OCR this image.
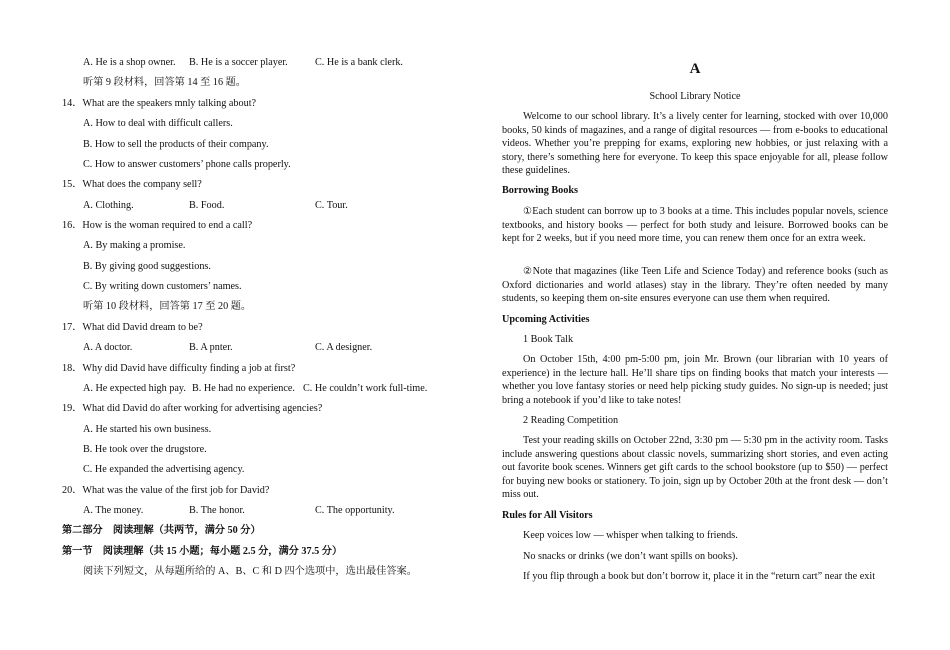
A. He is a shop owner. B. He is a soccer player.	C. He is a bank clerk.
听第 9 段材料，回答第 14 至 16 题。
14．What are the speakers mnly talking about?
A. How to deal with difficult callers.
B. How to sell the products of their company.
C. How to answer customers’ phone calls properly.
15．What does the company sell?
A. Clothing.	B. Food.	C. Tour.
16．How is the woman required to end a call?
A. By making a promise.
B. By giving good suggestions.
C. By writing down customers’ names.
听第 10 段材料，回答第 17 至 20 题。
17．What did David dream to be?
A. A doctor.	B. A pnter.	C. A designer.
18．Why did David have difficulty finding a job at first?
A. He expected high pay. B. He had no experience. C. He couldn’t work full-time.
19．What did David do after working for advertising agencies?
A. He started his own business.
B. He took over the drugstore.
C. He expanded the advertising agency.
20．What was the value of the first job for David?
A. The money.	B. The honor.	C. The opportunity.
第二部分　阅读理解（共两节，满分 50 分）
第一节　阅读理解（共 15 小题；每小题 2.5 分，满分 37.5 分）
阅读下列短文，从每题所给的 A、B、C 和 D 四个选项中，选出最佳答案。
A
School Library Notice
Welcome to our school library. It’s a lively center for learning, stocked with over 10,000 books, 50 kinds of magazines, and a range of digital resources — from e-books to educational videos. Whether you’re prepping for exams, exploring new hobbies, or just relaxing with a story, there’s something here for everyone. To keep this space enjoyable for all, please follow these guidelines.
Borrowing Books
①Each student can borrow up to 3 books at a time. This includes popular novels, science textbooks, and history books — perfect for both study and leisure. Borrowed books can be kept for 2 weeks, but if you need more time, you can renew them once for an extra week.
②Note that magazines (like Teen Life and Science Today) and reference books (such as Oxford dictionaries and world atlases) stay in the library. They’re often needed by many students, so keeping them on-site ensures everyone can use them when required.
Upcoming Activities
1 Book Talk
On October 15th, 4:00 pm-5:00 pm, join Mr. Brown (our librarian with 10 years of experience) in the lecture hall. He’ll share tips on finding books that match your interests — whether you love fantasy stories or need help picking study guides. No sign-up is needed; just bring a notebook if you’d like to take notes!
2 Reading Competition
Test your reading skills on October 22nd, 3:30 pm — 5:30 pm in the activity room. Tasks include answering questions about classic novels, summarizing short stories, and even acting out favorite book scenes. Winners get gift cards to the school bookstore (up to $50) — perfect for buying new books or stationery. To join, sign up by October 20th at the front desk — don’t miss out.
Rules for All Visitors
Keep voices low — whisper when talking to friends.
No snacks or drinks (we don’t want spills on books).
If you flip through a book but don’t borrow it, place it in the “return cart” near the exit
